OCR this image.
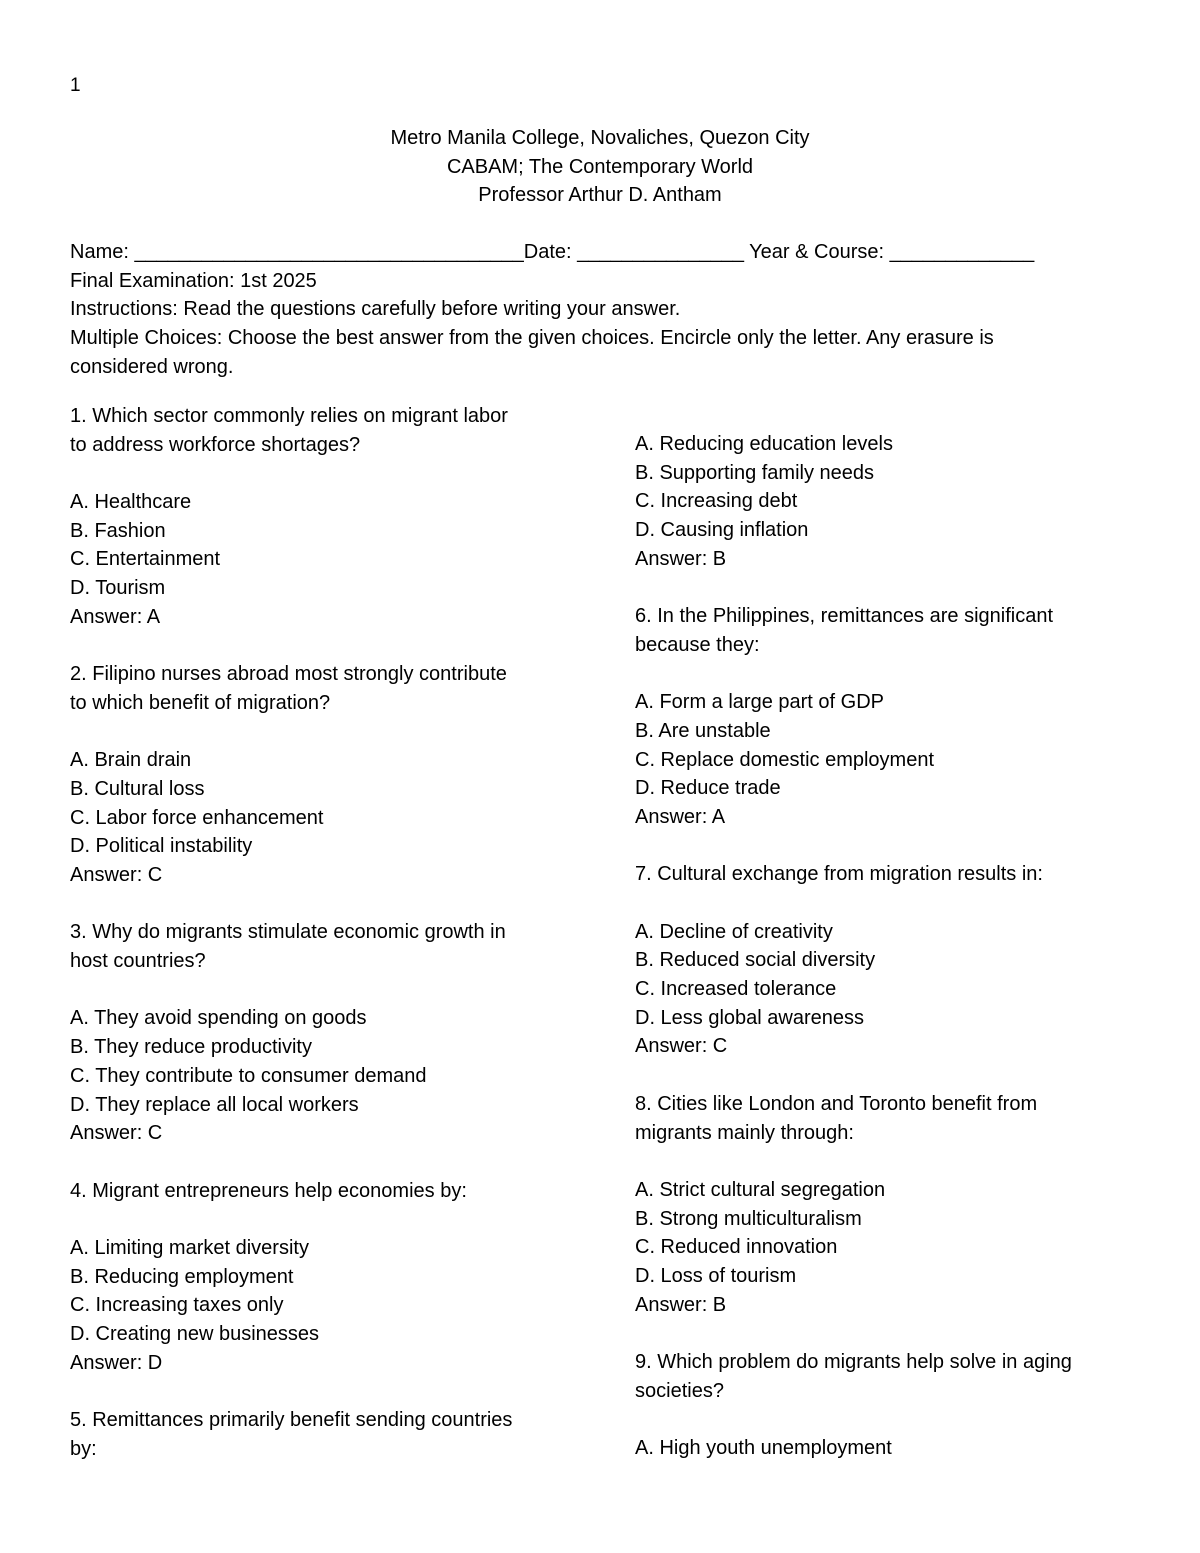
1
Metro Manila College, Novaliches, Quezon City
CABAM; The Contemporary World
Professor Arthur D. Antham
Name: ___________________________________Date: _______________ Year & Course: _____________
Final Examination: 1st 2025
Instructions: Read the questions carefully before writing your answer.
Multiple Choices: Choose the best answer from the given choices. Encircle only the letter. Any erasure is
considered wrong.
1. Which sector commonly relies on migrant labor
to address workforce shortages?
A. Healthcare
B. Fashion
C. Entertainment
D. Tourism
Answer: A
2. Filipino nurses abroad most strongly contribute
to which benefit of migration?
A. Brain drain
B. Cultural loss
C. Labor force enhancement
D. Political instability
Answer: C
3. Why do migrants stimulate economic growth in
host countries?
A. They avoid spending on goods
B. They reduce productivity
C. They contribute to consumer demand
D. They replace all local workers
Answer: C
4. Migrant entrepreneurs help economies by:
A. Limiting market diversity
B. Reducing employment
C. Increasing taxes only
D. Creating new businesses
Answer: D
5. Remittances primarily benefit sending countries
by:
A. Reducing education levels
B. Supporting family needs
C. Increasing debt
D. Causing inflation
Answer: B
6. In the Philippines, remittances are significant
because they:
A. Form a large part of GDP
B. Are unstable
C. Replace domestic employment
D. Reduce trade
Answer: A
7. Cultural exchange from migration results in:
A. Decline of creativity
B. Reduced social diversity
C. Increased tolerance
D. Less global awareness
Answer: C
8. Cities like London and Toronto benefit from
migrants mainly through:
A. Strict cultural segregation
B. Strong multiculturalism
C. Reduced innovation
D. Loss of tourism
Answer: B
9. Which problem do migrants help solve in aging
societies?
A. High youth unemployment
